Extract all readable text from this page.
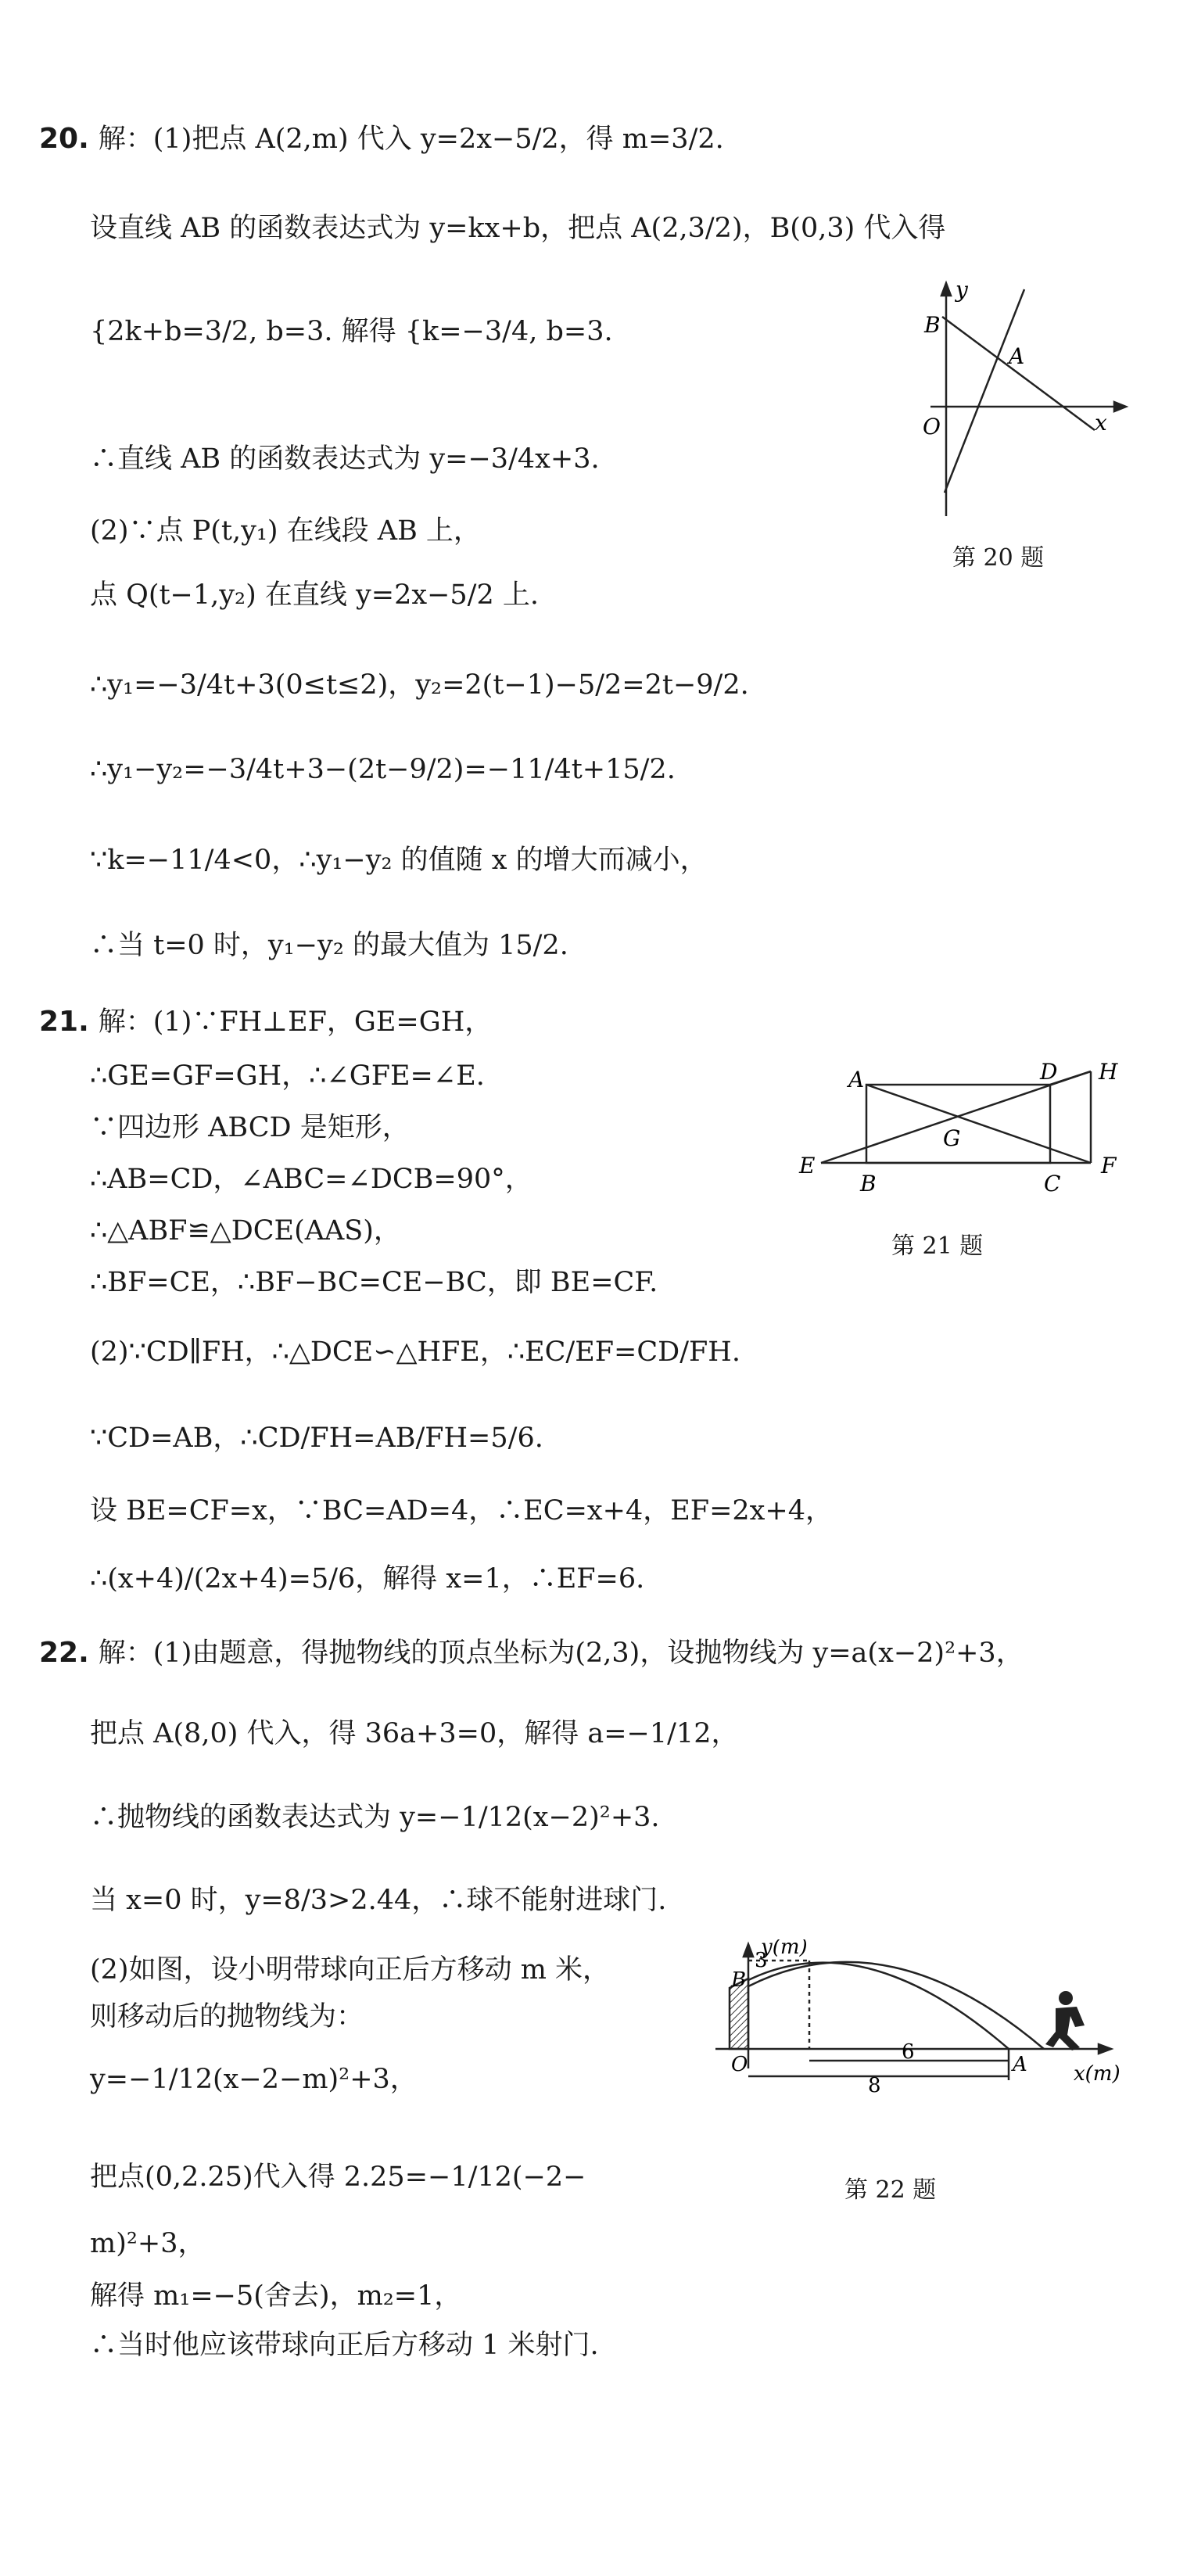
20. 解：(1)把点 A(2,m) 代入 y=2x−5/2，得 m=3/2.
设直线 AB 的函数表达式为 y=kx+b，把点 A(2,3/2)，B(0,3) 代入得
{2k+b=3/2, b=3. 解得 {k=−3/4, b=3.
∴直线 AB 的函数表达式为 y=−3/4x+3.
(2)∵点 P(t,y₁) 在线段 AB 上，
点 Q(t−1,y₂) 在直线 y=2x−5/2 上.
∴y₁=−3/4t+3(0≤t≤2)，y₂=2(t−1)−5/2=2t−9/2.
∴y₁−y₂=−3/4t+3−(2t−9/2)=−11/4t+15/2.
∵k=−11/4<0，∴y₁−y₂ 的值随 x 的增大而减小，
∴当 t=0 时，y₁−y₂ 的最大值为 15/2.
y
B
A
O	x
第 20 题
21. 解：(1)∵FH⊥EF，GE=GH，
∴GE=GF=GH，∴∠GFE=∠E.
∵四边形 ABCD 是矩形，
∴AB=CD，∠ABC=∠DCB=90°，
∴△ABF≌△DCE(AAS)，
∴BF=CE，∴BF−BC=CE−BC，即 BE=CF.
(2)∵CD∥FH，∴△DCE∽△HFE，∴EC/EF=CD/FH.
∵CD=AB，∴CD/FH=AB/FH=5/6.
设 BE=CF=x，∵BC=AD=4，∴EC=x+4，EF=2x+4，
∴(x+4)/(2x+4)=5/6，解得 x=1，∴EF=6.
A	D H
G
E
B	C
F
第 21 题
22. 解：(1)由题意，得抛物线的顶点坐标为(2,3)，设抛物线为 y=a(x−2)²+3，
把点 A(8,0) 代入，得 36a+3=0，解得 a=−1/12，
∴抛物线的函数表达式为 y=−1/12(x−2)²+3.
当 x=0 时，y=8/3>2.44，∴球不能射进球门.
(2)如图，设小明带球向正后方移动 m 米，
则移动后的抛物线为：
y=−1/12(x−2−m)²+3，
把点(0,2.25)代入得 2.25=−1/12(−2−
m)²+3，
解得 m₁=−5(舍去)，m₂=1，
∴当时他应该带球向正后方移动 1 米射门.
y(m)
3
B
O	A
6
8	x(m)
第 22 题
